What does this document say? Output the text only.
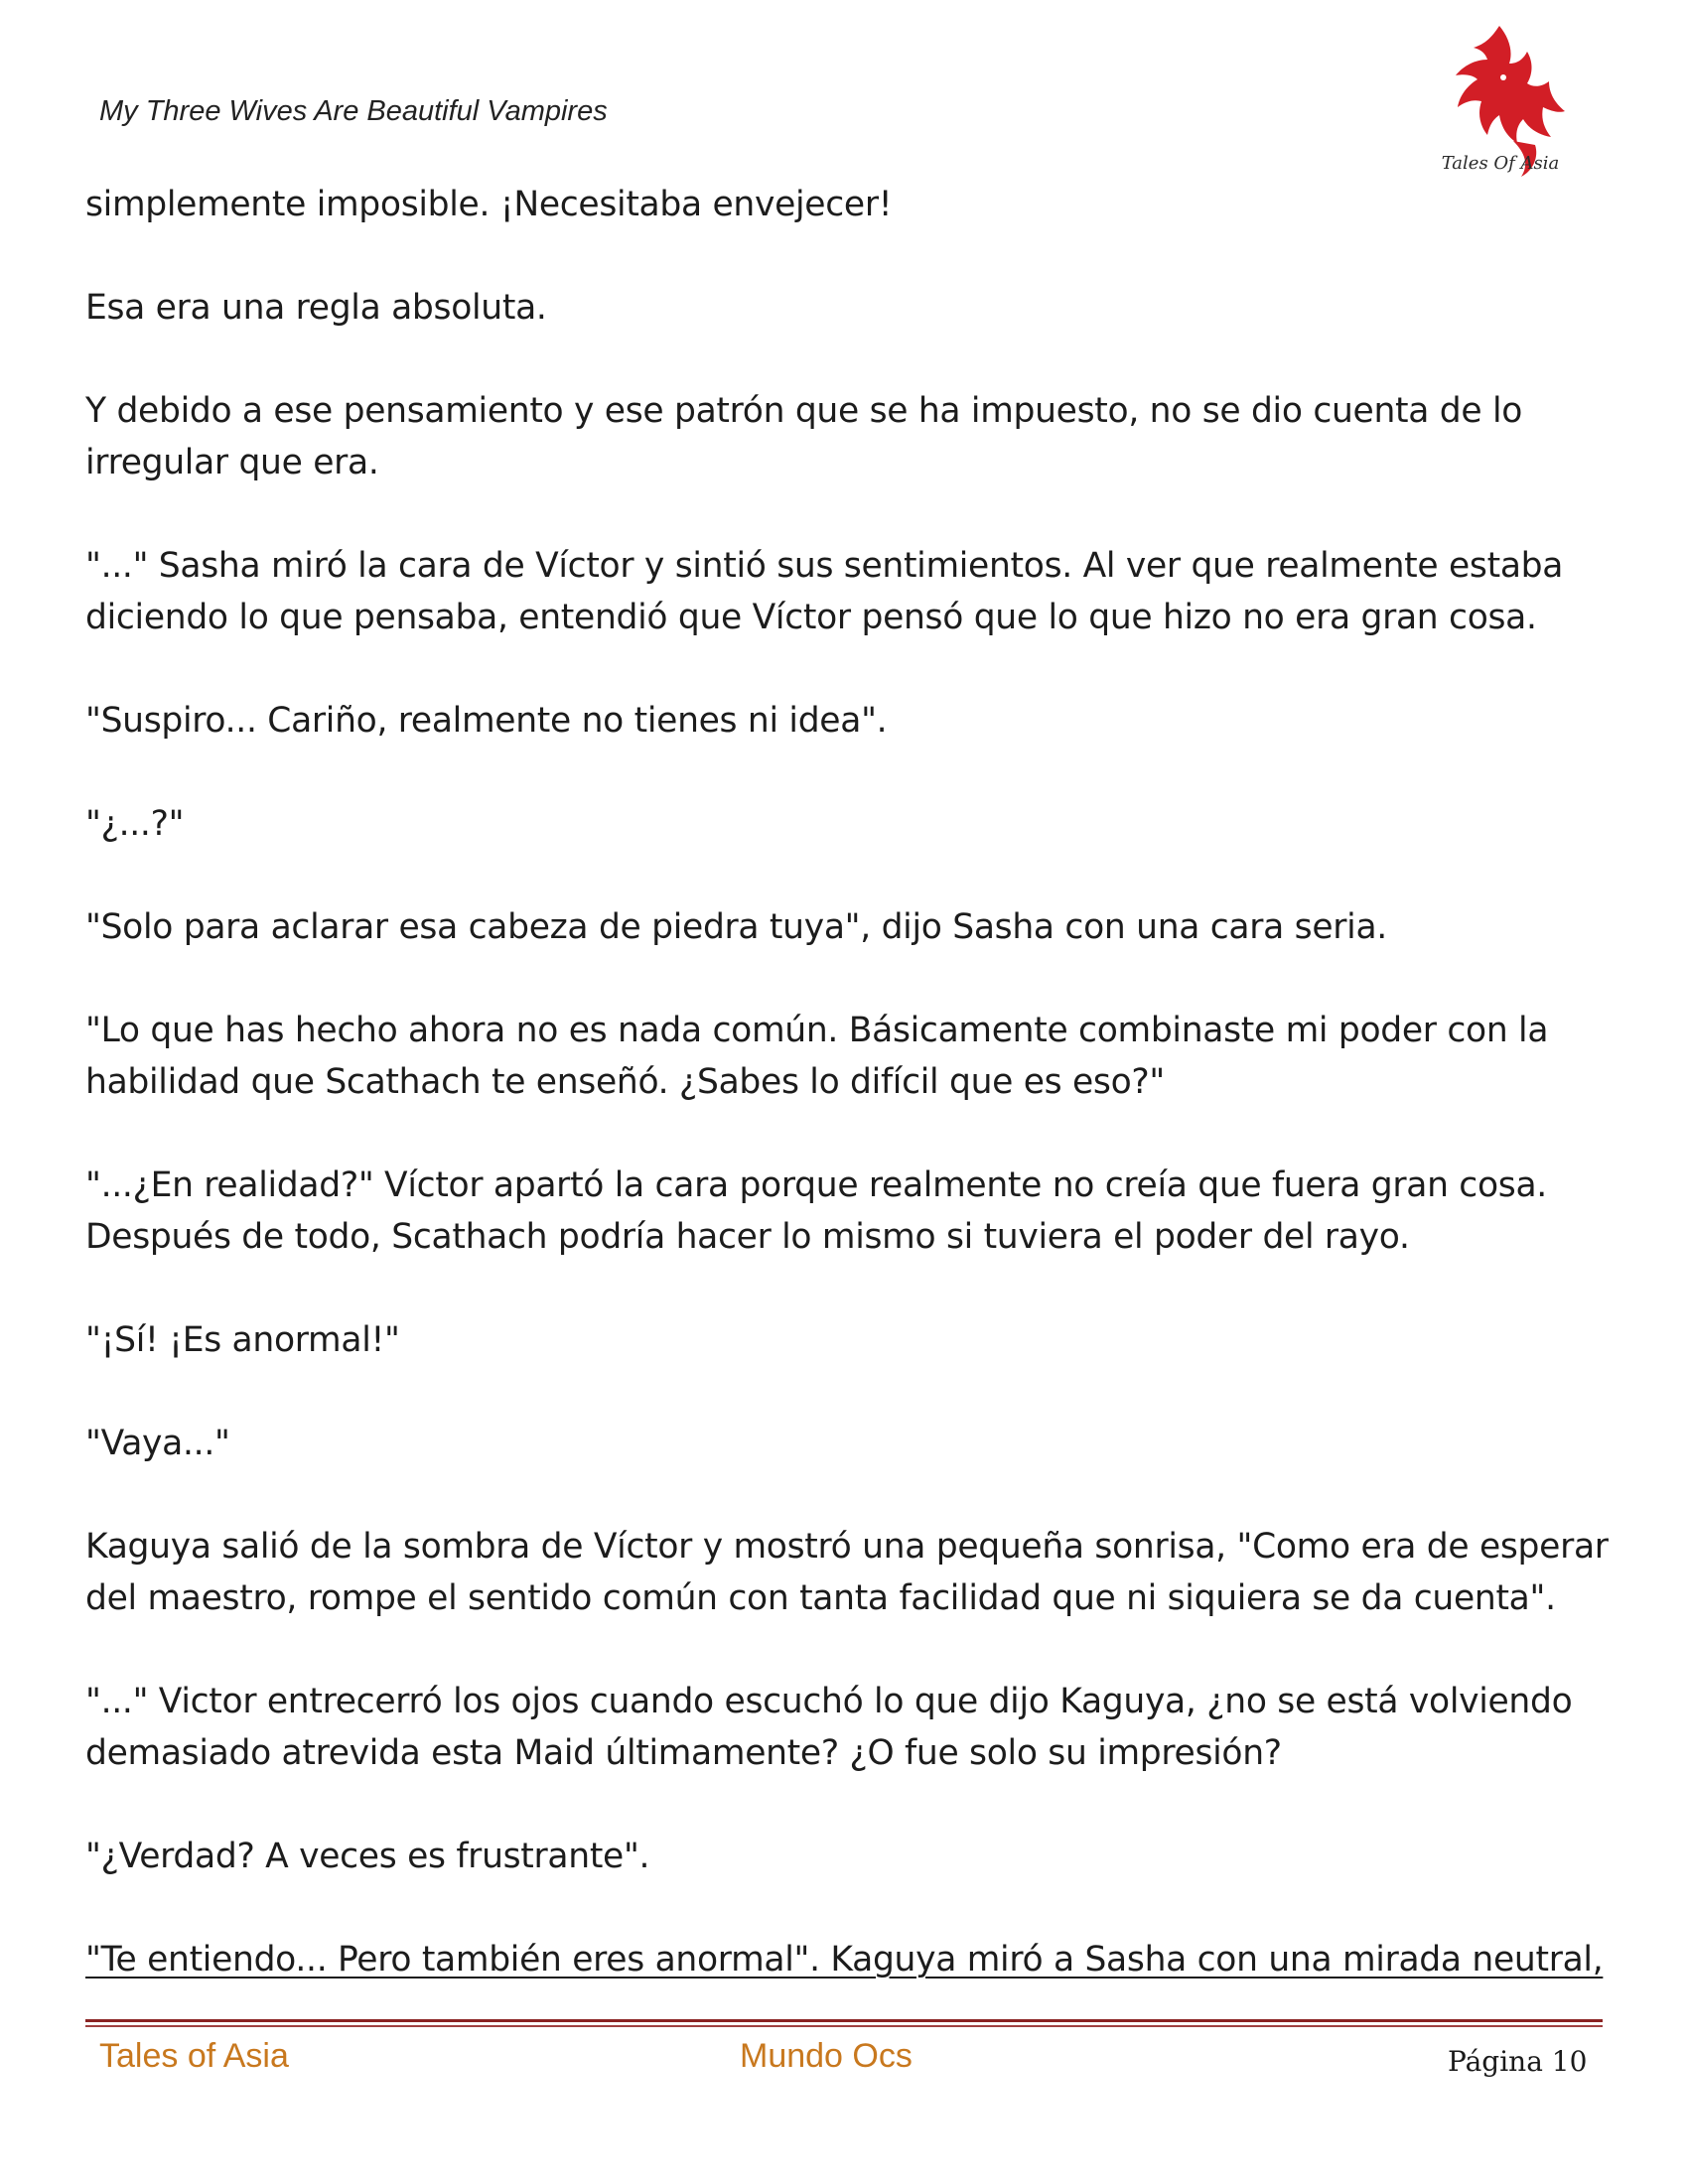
My Three Wives Are Beautiful Vampires
Tales Of Asia

simplemente imposible. ¡Necesitaba envejecer!

Esa era una regla absoluta.

Y debido a ese pensamiento y ese patrón que se ha impuesto, no se dio cuenta de lo irregular que era.

"..." Sasha miró la cara de Víctor y sintió sus sentimientos. Al ver que realmente estaba diciendo lo que pensaba, entendió que Víctor pensó que lo que hizo no era gran cosa.

"Suspiro... Cariño, realmente no tienes ni idea".

"¿...?"

"Solo para aclarar esa cabeza de piedra tuya", dijo Sasha con una cara seria.

"Lo que has hecho ahora no es nada común. Básicamente combinaste mi poder con la habilidad que Scathach te enseñó. ¿Sabes lo difícil que es eso?"

"...¿En realidad?" Víctor apartó la cara porque realmente no creía que fuera gran cosa. Después de todo, Scathach podría hacer lo mismo si tuviera el poder del rayo.

"¡Sí! ¡Es anormal!"

"Vaya..."

Kaguya salió de la sombra de Víctor y mostró una pequeña sonrisa, "Como era de esperar del maestro, rompe el sentido común con tanta facilidad que ni siquiera se da cuenta".

"..." Victor entrecerró los ojos cuando escuchó lo que dijo Kaguya, ¿no se está volviendo demasiado atrevida esta Maid últimamente? ¿O fue solo su impresión?

"¿Verdad? A veces es frustrante".

"Te entiendo... Pero también eres anormal". Kaguya miró a Sasha con una mirada neutral,

Tales of Asia	Mundo Ocs	Página 10
